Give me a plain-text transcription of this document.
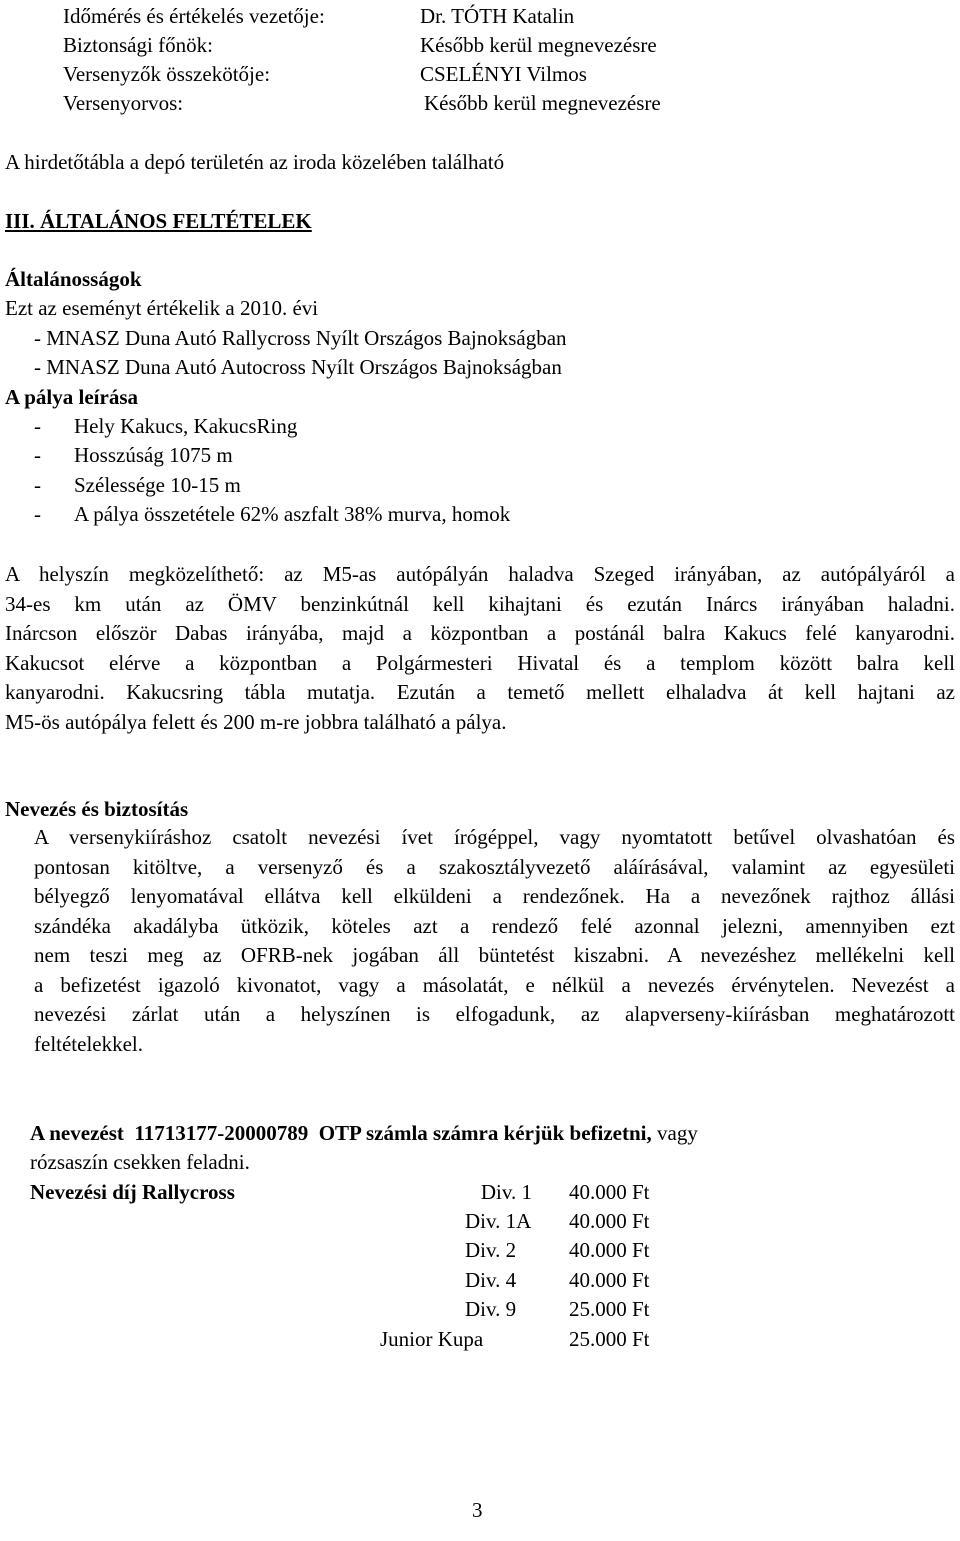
Időmérés és értékelés vezetője:	Dr. TÓTH Katalin
Biztonsági főnök:	Később kerül megnevezésre
Versenyzők összekötője:	CSELÉNYI Vilmos
Versenyorvos:	Később kerül megnevezésre
A hirdetőtábla a depó területén az iroda közelében található
III. ÁLTALÁNOS FELTÉTELEK
Általánosságok
Ezt az eseményt értékelik a 2010. évi
- MNASZ Duna Autó Rallycross Nyílt Országos Bajnokságban
- MNASZ Duna Autó Autocross Nyílt Országos Bajnokságban
A pálya leírása
- Hely Kakucs, KakucsRing
- Hosszúság 1075 m
- Szélessége 10-15 m
- A pálya összetétele 62% aszfalt 38% murva, homok
A helyszín megközelíthető: az M5-as autópályán haladva Szeged irányában, az autópályáról a
34-es km után az ÖMV benzinkútnál kell kihajtani és ezután Inárcs irányában haladni.
Inárcson először Dabas irányába, majd a központban a postánál balra Kakucs felé kanyarodni.
Kakucsot elérve a központban a Polgármesteri Hivatal és a templom között balra kell
kanyarodni. Kakucsring tábla mutatja. Ezután a temető mellett elhaladva át kell hajtani az
M5-ös autópálya felett és 200 m-re jobbra található a pálya.
Nevezés és biztosítás
A versenykiíráshoz csatolt nevezési ívet írógéppel, vagy nyomtatott betűvel olvashatóan és
pontosan kitöltve, a versenyző és a szakosztályvezető aláírásával, valamint az egyesületi
bélyegző lenyomatával ellátva kell elküldeni a rendezőnek. Ha a nevezőnek rajthoz állási
szándéka akadályba ütközik, köteles azt a rendező felé azonnal jelezni, amennyiben ezt
nem teszi meg az OFRB-nek jogában áll büntetést kiszabni. A nevezéshez mellékelni kell
a befizetést igazoló kivonatot, vagy a másolatát, e nélkül a nevezés érvénytelen. Nevezést a
nevezési zárlat után a helyszínen is elfogadunk, az alapverseny-kiírásban meghatározott
feltételekkel.
A nevezést  11713177-20000789  OTP számla számra kérjük befizetni, vagy
rózsaszín csekken feladni.
Nevezési díj Rallycross	Div. 1 40.000 Ft
Div. 1A 40.000 Ft
Div. 2	40.000 Ft
Div. 4	40.000 Ft
Div. 9	25.000 Ft
Junior Kupa	25.000 Ft
3
